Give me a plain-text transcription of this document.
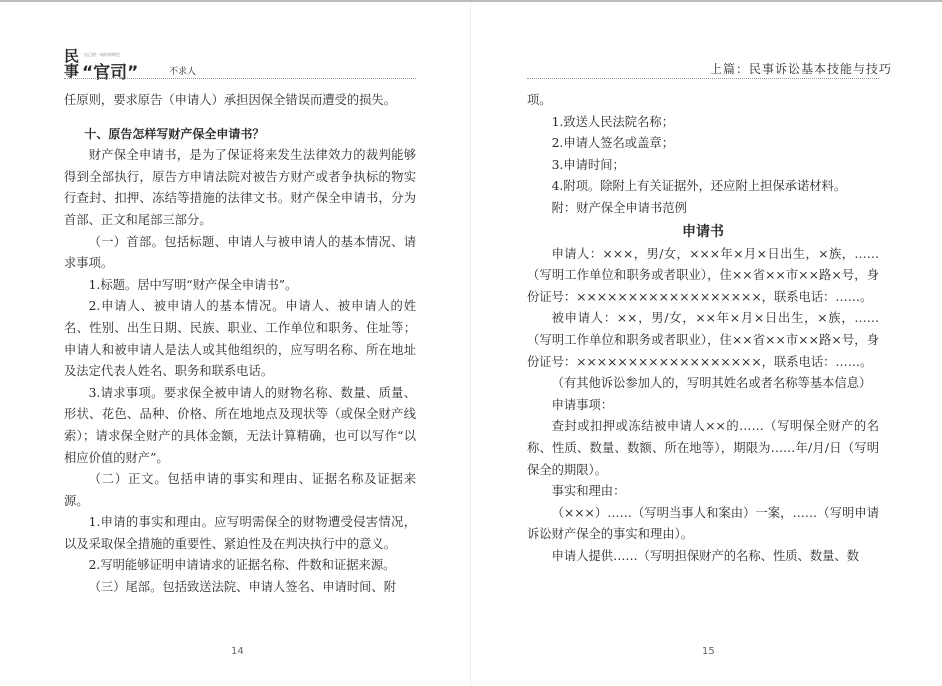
民
事
自己的一场好的辩论
“官司”	不求人

任原则，要求原告（申请人）承担因保全错误而遭受的损失。

十、原告怎样写财产保全申请书？

财产保全申请书，是为了保证将来发生法律效力的裁判能够得到全部执行，原告方申请法院对被告方财产或者争执标的物实行查封、扣押、冻结等措施的法律文书。财产保全申请书，分为首部、正文和尾部三部分。

（一）首部。包括标题、申请人与被申请人的基本情况、请求事项。

1.标题。居中写明“财产保全申请书”。

2.申请人、被申请人的基本情况。申请人、被申请人的姓名、性别、出生日期、民族、职业、工作单位和职务、住址等；申请人和被申请人是法人或其他组织的，应写明名称、所在地址及法定代表人姓名、职务和联系电话。

3.请求事项。要求保全被申请人的财物名称、数量、质量、形状、花色、品种、价格、所在地地点及现状等（或保全财产线索）；请求保全财产的具体金额，无法计算精确，也可以写作“以相应价值的财产”。

（二）正文。包括申请的事实和理由、证据名称及证据来源。

1.申请的事实和理由。应写明需保全的财物遭受侵害情况，以及采取保全措施的重要性、紧迫性及在判决执行中的意义。

2.写明能够证明申请请求的证据名称、件数和证据来源。

（三）尾部。包括致送法院、申请人签名、申请时间、附

14
上篇：民事诉讼基本技能与技巧

项。

1.致送人民法院名称；

2.申请人签名或盖章；

3.申请时间；

4.附项。除附上有关证据外，还应附上担保承诺材料。

附：财产保全申请书范例

申请书

申请人：×××，男/女，×××年×月×日出生，×族，……（写明工作单位和职务或者职业），住××省××市××路×号，身份证号：××××××××××××××××××，联系电话：……。

被申请人：××，男/女，××年×月×日出生，×族，……（写明工作单位和职务或者职业），住××省××市××路×号，身份证号：××××××××××××××××××，联系电话：……。

（有其他诉讼参加人的，写明其姓名或者名称等基本信息）

申请事项：

查封或扣押或冻结被申请人××的……（写明保全财产的名称、性质、数量、数额、所在地等），期限为……年/月/日（写明保全的期限）。

事实和理由：

（×××）……（写明当事人和案由）一案，……（写明申请诉讼财产保全的事实和理由）。

申请人提供……（写明担保财产的名称、性质、数量、数

15
